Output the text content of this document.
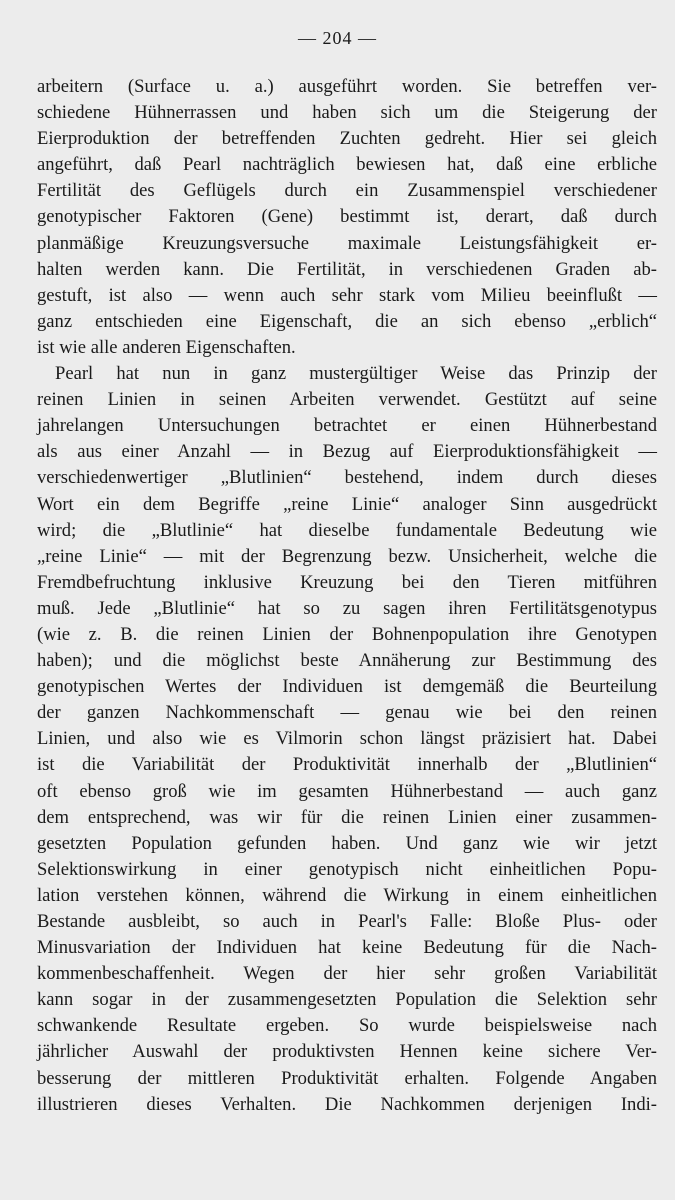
— 204 —
arbeitern (Surface u. a.) ausgeführt worden. Sie betreffen ver-
schiedene Hühnerrassen und haben sich um die Steigerung der
Eierproduktion der betreffenden Zuchten gedreht. Hier sei gleich
angeführt, daß Pearl nachträglich bewiesen hat, daß eine erbliche
Fertilität des Geflügels durch ein Zusammenspiel verschiedener
genotypischer Faktoren (Gene) bestimmt ist, derart, daß durch
planmäßige Kreuzungsversuche maximale Leistungsfähigkeit er-
halten werden kann. Die Fertilität, in verschiedenen Graden ab-
gestuft, ist also — wenn auch sehr stark vom Milieu beeinflußt —
ganz entschieden eine Eigenschaft, die an sich ebenso „erblich“
ist wie alle anderen Eigenschaften.
Pearl hat nun in ganz mustergültiger Weise das Prinzip der
reinen Linien in seinen Arbeiten verwendet. Gestützt auf seine
jahrelangen Untersuchungen betrachtet er einen Hühnerbestand
als aus einer Anzahl — in Bezug auf Eierproduktionsfähigkeit —
verschiedenwertiger „Blutlinien“ bestehend, indem durch dieses
Wort ein dem Begriffe „reine Linie“ analoger Sinn ausgedrückt
wird; die „Blutlinie“ hat dieselbe fundamentale Bedeutung wie
„reine Linie“ — mit der Begrenzung bezw. Unsicherheit, welche die
Fremdbefruchtung inklusive Kreuzung bei den Tieren mitführen
muß. Jede „Blutlinie“ hat so zu sagen ihren Fertilitätsgenotypus
(wie z. B. die reinen Linien der Bohnenpopulation ihre Genotypen
haben); und die möglichst beste Annäherung zur Bestimmung des
genotypischen Wertes der Individuen ist demgemäß die Beurteilung
der ganzen Nachkommenschaft — genau wie bei den reinen
Linien, und also wie es Vilmorin schon längst präzisiert hat. Dabei
ist die Variabilität der Produktivität innerhalb der „Blutlinien“
oft ebenso groß wie im gesamten Hühnerbestand — auch ganz
dem entsprechend, was wir für die reinen Linien einer zusammen-
gesetzten Population gefunden haben. Und ganz wie wir jetzt
Selektionswirkung in einer genotypisch nicht einheitlichen Popu-
lation verstehen können, während die Wirkung in einem einheitlichen
Bestande ausbleibt, so auch in Pearl's Falle: Bloße Plus- oder
Minusvariation der Individuen hat keine Bedeutung für die Nach-
kommenbeschaffenheit. Wegen der hier sehr großen Variabilität
kann sogar in der zusammengesetzten Population die Selektion sehr
schwankende Resultate ergeben. So wurde beispielsweise nach
jährlicher Auswahl der produktivsten Hennen keine sichere Ver-
besserung der mittleren Produktivität erhalten. Folgende Angaben
illustrieren dieses Verhalten. Die Nachkommen derjenigen Indi-
